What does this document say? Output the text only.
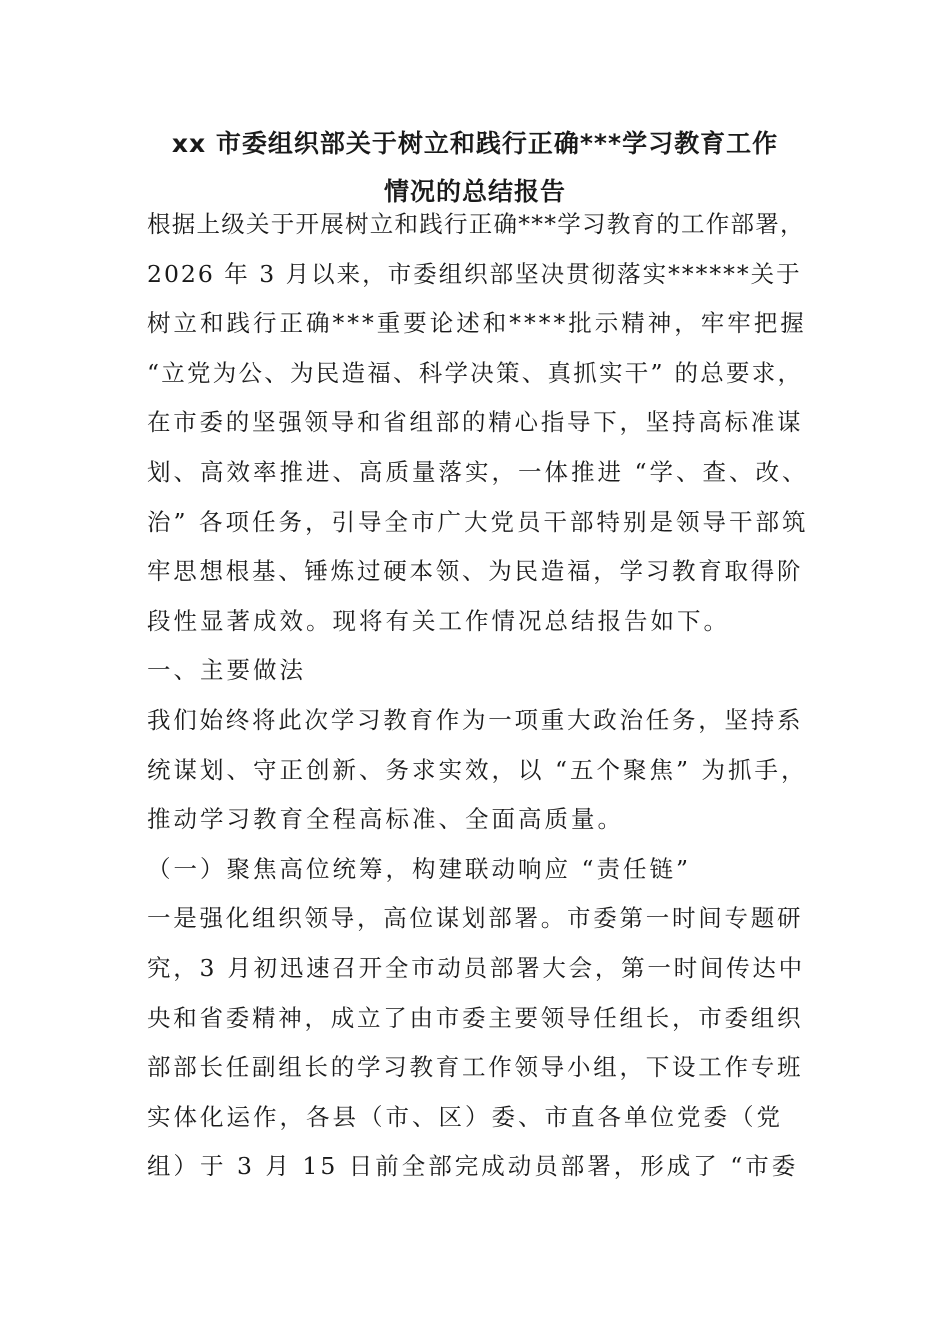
xx 市委组织部关于树立和践行正确***学习教育工作
情况的总结报告
根据上级关于开展树立和践行正确***学习教育的工作部署，
2026 年 3 月以来，市委组织部坚决贯彻落实******关于
树立和践行正确***重要论述和****批示精神，牢牢把握
“立党为公、为民造福、科学决策、真抓实干” 的总要求，
在市委的坚强领导和省组部的精心指导下，坚持高标准谋
划、高效率推进、高质量落实，一体推进 “学、查、改、
治” 各项任务，引导全市广大党员干部特别是领导干部筑
牢思想根基、锤炼过硬本领、为民造福，学习教育取得阶
段性显著成效。现将有关工作情况总结报告如下。
一、主要做法
我们始终将此次学习教育作为一项重大政治任务，坚持系
统谋划、守正创新、务求实效，以 “五个聚焦” 为抓手，
推动学习教育全程高标准、全面高质量。
（一）聚焦高位统筹，构建联动响应 “责任链”
一是强化组织领导，高位谋划部署。市委第一时间专题研
究，3 月初迅速召开全市动员部署大会，第一时间传达中
央和省委精神，成立了由市委主要领导任组长，市委组织
部部长任副组长的学习教育工作领导小组，下设工作专班
实体化运作，各县（市、区）委、市直各单位党委（党
组）于 3 月 15 日前全部完成动员部署，形成了 “市委
